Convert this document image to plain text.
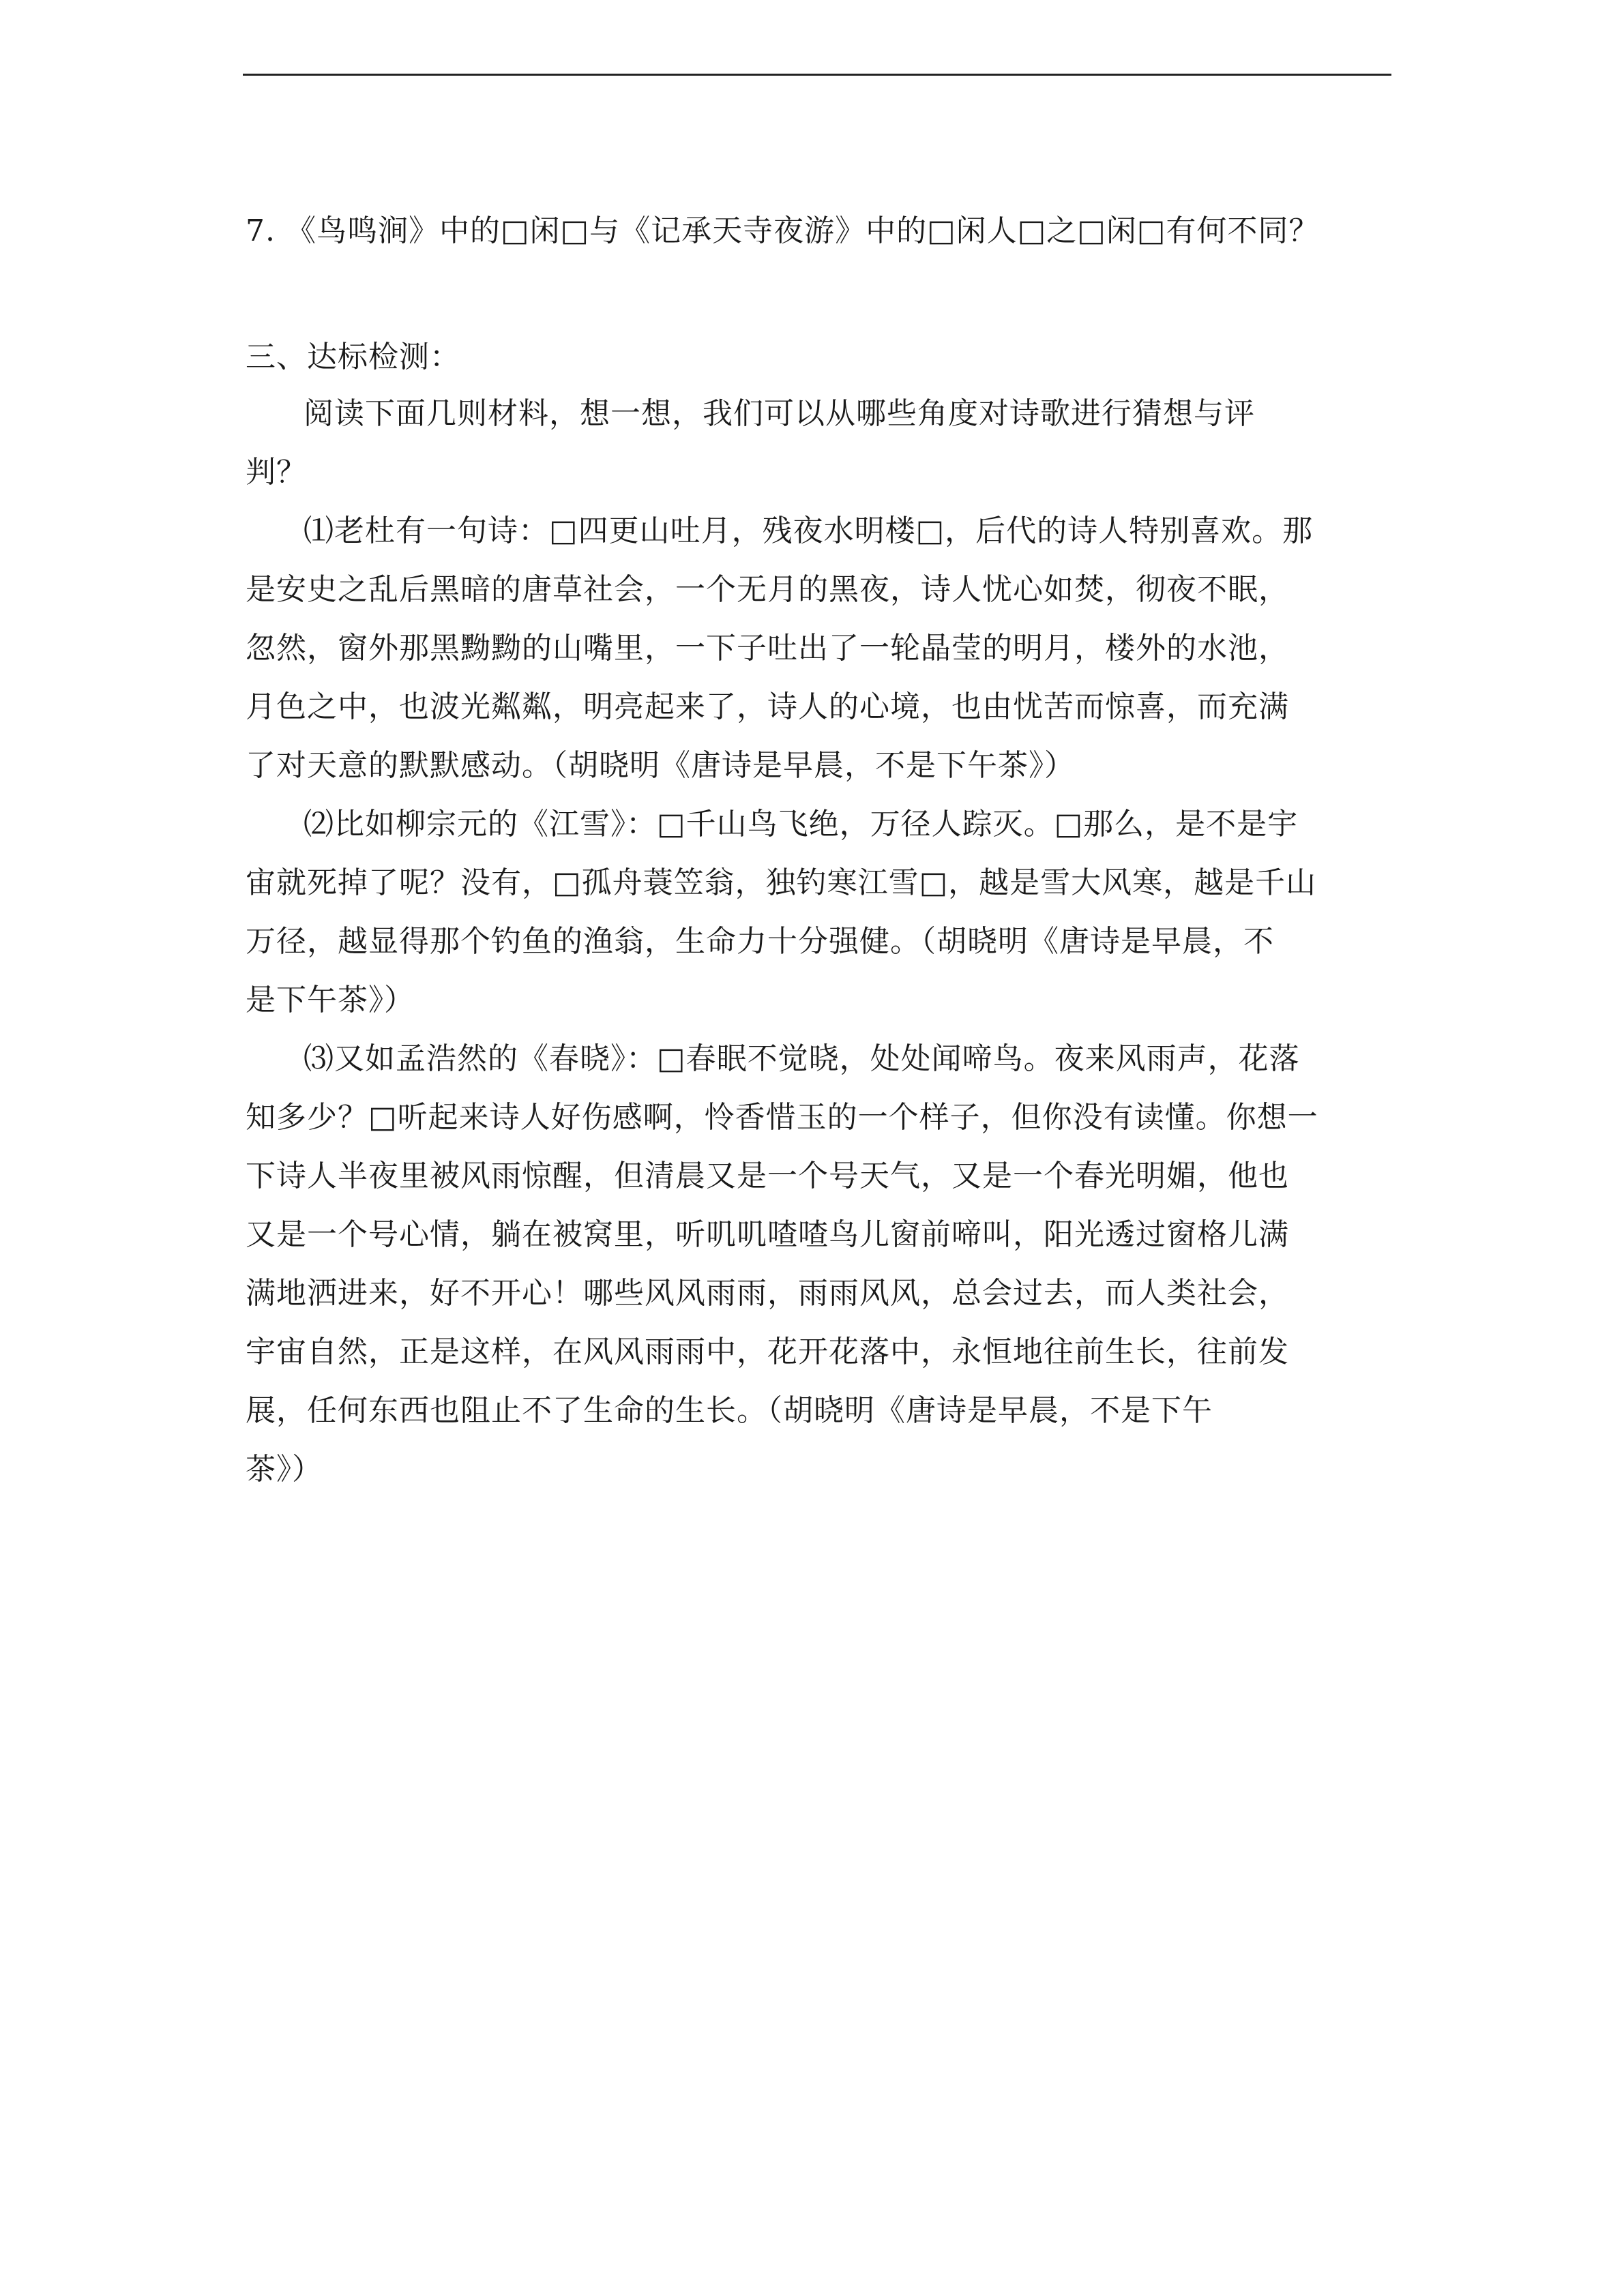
7. 《鸟鸣涧》中的□闲□与《记承天寺夜游》中的□闲人□之□闲□有何不同？
三、达标检测：
阅读下面几则材料，想一想，我们可以从哪些角度对诗歌进行猜想与评
判？
⑴老杜有一句诗：□四更山吐月，残夜水明楼□，后代的诗人特别喜欢。那
是安史之乱后黑暗的唐草社会，一个无月的黑夜，诗人忧心如焚，彻夜不眠，
忽然，窗外那黑黝黝的山嘴里，一下子吐出了一轮晶莹的明月，楼外的水池，
月色之中，也波光粼粼，明亮起来了，诗人的心境，也由忧苦而惊喜，而充满
了对天意的默默感动。（胡晓明《唐诗是早晨，不是下午茶》）
⑵比如柳宗元的《江雪》：□千山鸟飞绝，万径人踪灭。□那么，是不是宇
宙就死掉了呢？没有，□孤舟蓑笠翁，独钓寒江雪□，越是雪大风寒，越是千山
万径，越显得那个钓鱼的渔翁，生命力十分强健。（胡晓明《唐诗是早晨，不
是下午茶》）
⑶又如孟浩然的《春晓》：□春眠不觉晓，处处闻啼鸟。夜来风雨声，花落
知多少？□听起来诗人好伤感啊，怜香惜玉的一个样子，但你没有读懂。你想一
下诗人半夜里被风雨惊醒，但清晨又是一个号天气，又是一个春光明媚，他也
又是一个号心情，躺在被窝里，听叽叽喳喳鸟儿窗前啼叫，阳光透过窗格儿满
满地洒进来，好不开心！哪些风风雨雨，雨雨风风，总会过去，而人类社会，
宇宙自然，正是这样，在风风雨雨中，花开花落中，永恒地往前生长，往前发
展，任何东西也阻止不了生命的生长。（胡晓明《唐诗是早晨，不是下午
茶》）
